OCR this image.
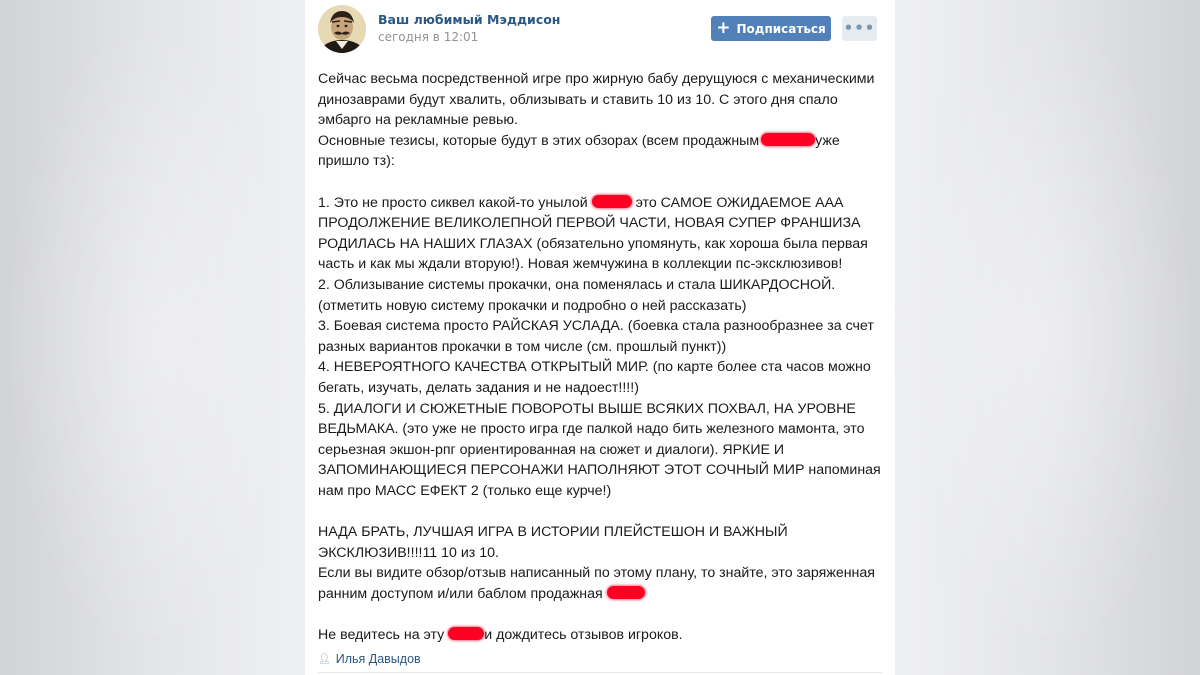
Ваш любимый Мэддисон
сегодня в 12:01	+ Подписаться •••

Сейчас весьма посредственной игре про жирную бабу дерущуюся с механическими

динозаврами будут хвалить, облизывать и ставить 10 из 10. С этого дня спало

эмбарго на рекламные ревью.

Основные тезисы, которые будут в этих обзорах (всем продажным	уже

пришло тз):

1. Это не просто сиквел какой-то унылой	это САМОЕ ОЖИДАЕМОЕ ААА

ПРОДОЛЖЕНИЕ ВЕЛИКОЛЕПНОЙ ПЕРВОЙ ЧАСТИ, НОВАЯ СУПЕР ФРАНШИЗА

РОДИЛАСЬ НА НАШИХ ГЛАЗАХ (обязательно упомянуть, как хороша была первая

часть и как мы ждали вторую!). Новая жемчужина в коллекции пс-эксклюзивов!

2. Облизывание системы прокачки, она поменялась и стала ШИКАРДОСНОЙ.

(отметить новую систему прокачки и подробно о ней рассказать)

3. Боевая система просто РАЙСКАЯ УСЛАДА. (боевка стала разнообразнее за счет

разных вариантов прокачки в том числе (см. прошлый пункт))

4. НЕВЕРОЯТНОГО КАЧЕСТВА ОТКРЫТЫЙ МИР. (по карте более ста часов можно

бегать, изучать, делать задания и не надоест!!!!)

5. ДИАЛОГИ И СЮЖЕТНЫЕ ПОВОРОТЫ ВЫШЕ ВСЯКИХ ПОХВАЛ, НА УРОВНЕ

ВЕДЬМАКА. (это уже не просто игра где палкой надо бить железного мамонта, это

серьезная экшон-рпг ориентированная на сюжет и диалоги). ЯРКИЕ И

ЗАПОМИНАЮЩИЕСЯ ПЕРСОНАЖИ НАПОЛНЯЮТ ЭТОТ СОЧНЫЙ МИР напоминая

нам про МАСС ЕФЕКТ 2 (только еще курче!)

НАДА БРАТЬ, ЛУЧШАЯ ИГРА В ИСТОРИИ ПЛЕЙСТЕШОН И ВАЖНЫЙ

ЭКСКЛЮЗИВ!!!!11 10 из 10.

Если вы видите обзор/отзыв написанный по этому плану, то знайте, это заряженная

ранним доступом и/или баблом продажная

Не ведитесь на эту	и дождитесь отзывов игроков.

👤︎ Илья Давыдов
